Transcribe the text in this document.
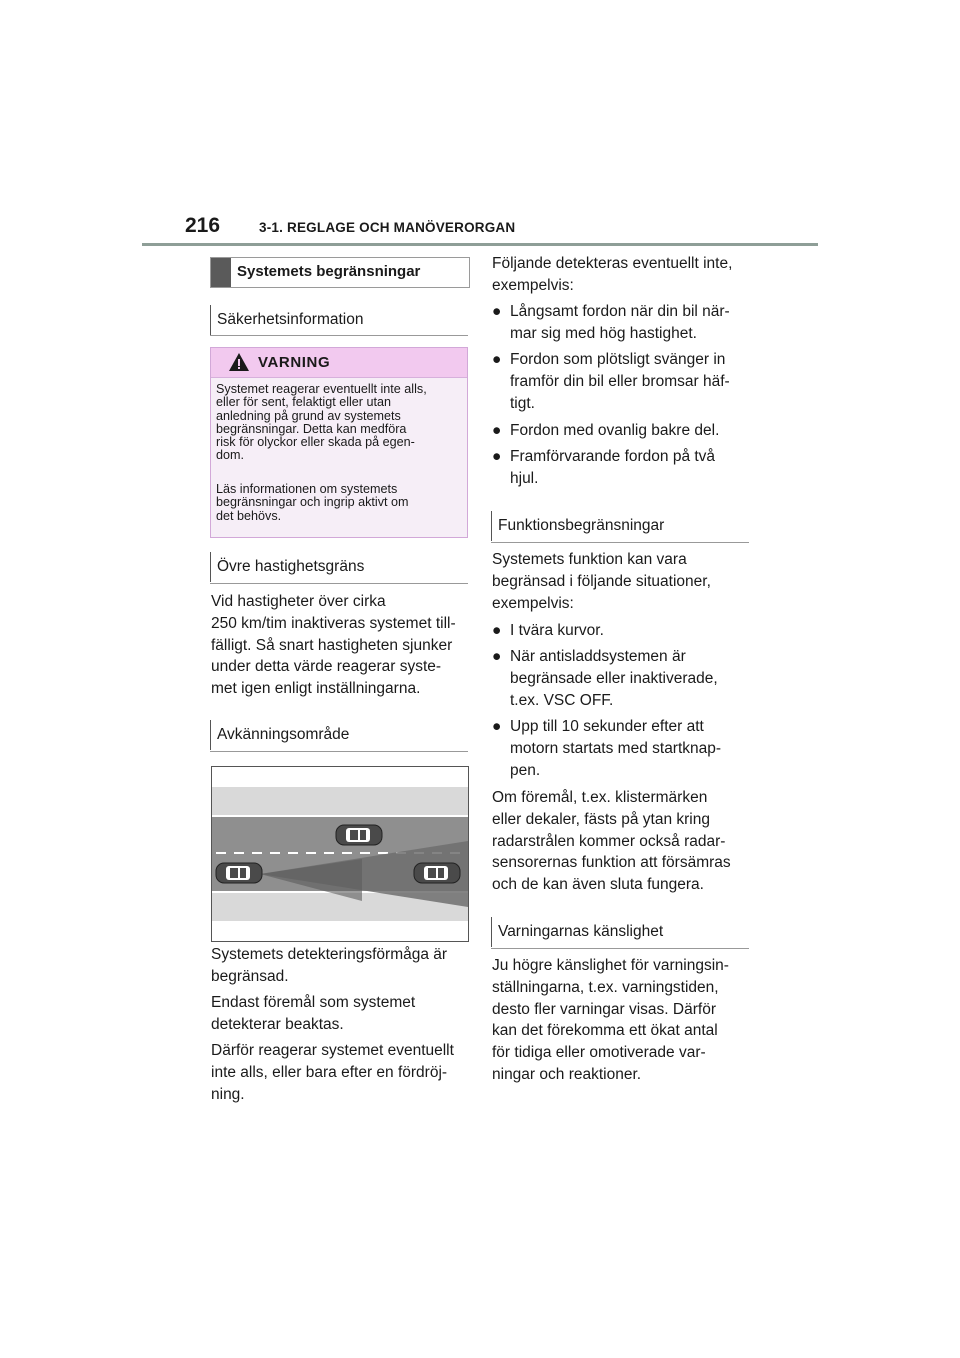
216	3-1. REGLAGE OCH MANÖVERORGAN
Systemets begränsningar
Säkerhetsinformation
VARNING

Systemet reagerar eventuellt inte alls,
eller för sent, felaktigt eller utan
anledning på grund av systemets
begränsningar. Detta kan medföra
risk för olyckor eller skada på egen-
dom.

Läs informationen om systemets
begränsningar och ingrip aktivt om
det behövs.

Övre hastighetsgräns

Vid hastigheter över cirka
250 km/tim inaktiveras systemet till-
fälligt. Så snart hastigheten sjunker
under detta värde reagerar syste-
met igen enligt inställningarna.

Avkänningsområde

Systemets detekteringsförmåga är
begränsad.

Endast föremål som systemet
detekterar beaktas.

Därför reagerar systemet eventuellt
inte alls, eller bara efter en fördröj-
ning.

Följande detekteras eventuellt inte,
exempelvis:

● Långsamt fordon när din bil när-
mar sig med hög hastighet.
● Fordon som plötsligt svänger in
framför din bil eller bromsar häf-
tigt.
● Fordon med ovanlig bakre del.
● Framförvarande fordon på två
hjul.
Funktionsbegränsningar

Systemets funktion kan vara
begränsad i följande situationer,
exempelvis:

● I tvära kurvor.
● När antisladdsystemen är
begränsade eller inaktiverade,
t.ex. VSC OFF.
● Upp till 10 sekunder efter att
motorn startats med startknap-
pen.

Om föremål, t.ex. klistermärken
eller dekaler, fästs på ytan kring
radarstrålen kommer också radar-
sensorernas funktion att försämras
och de kan även sluta fungera.

Varningarnas känslighet

Ju högre känslighet för varningsin-
ställningarna, t.ex. varningstiden,
desto fler varningar visas. Därför
kan det förekomma ett ökat antal
för tidiga eller omotiverade var-
ningar och reaktioner.
